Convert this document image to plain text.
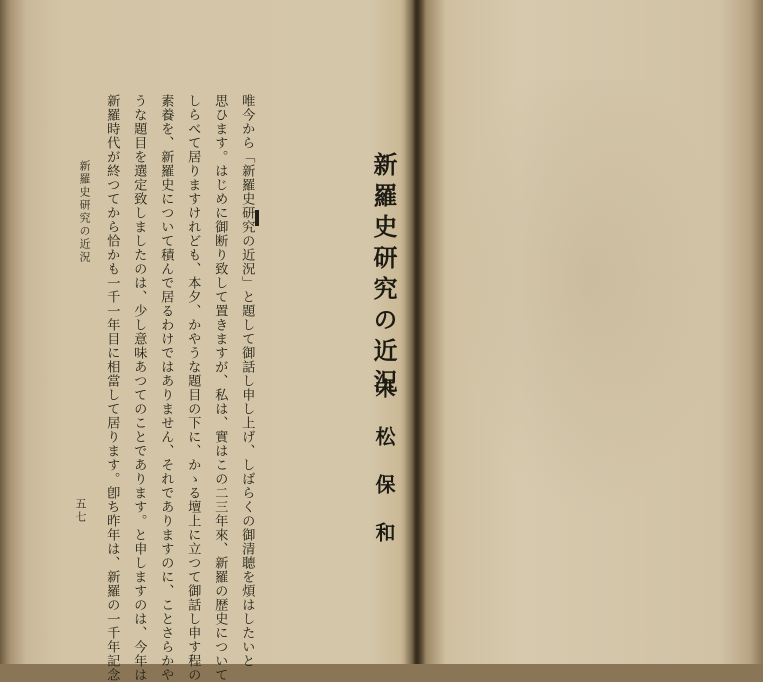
新羅史研究の近況
末松保和

唯今から「新羅史研究の近況」と題して御話し申し上げ、しばらくの御清聴を煩はしたいと

思ひます。はじめに御断り致して置きますが、私は、實はこの二三年來、新羅の歴史について

しらべて居りますけれども、本夕、かやうな題目の下に、かゝる壇上に立つて御話し申す程の

素養を、新羅史について積んで居るわけではありません、それでありますのに、ことさらかや

うな題目を選定致しましたのは、少し意味あつてのことであります。と申しますのは、今年は

新羅時代が終つてから恰かも一千一年目に相當して居ります。卽ち昨年は、新羅の一千年記念

新羅史研究の近況
五七
